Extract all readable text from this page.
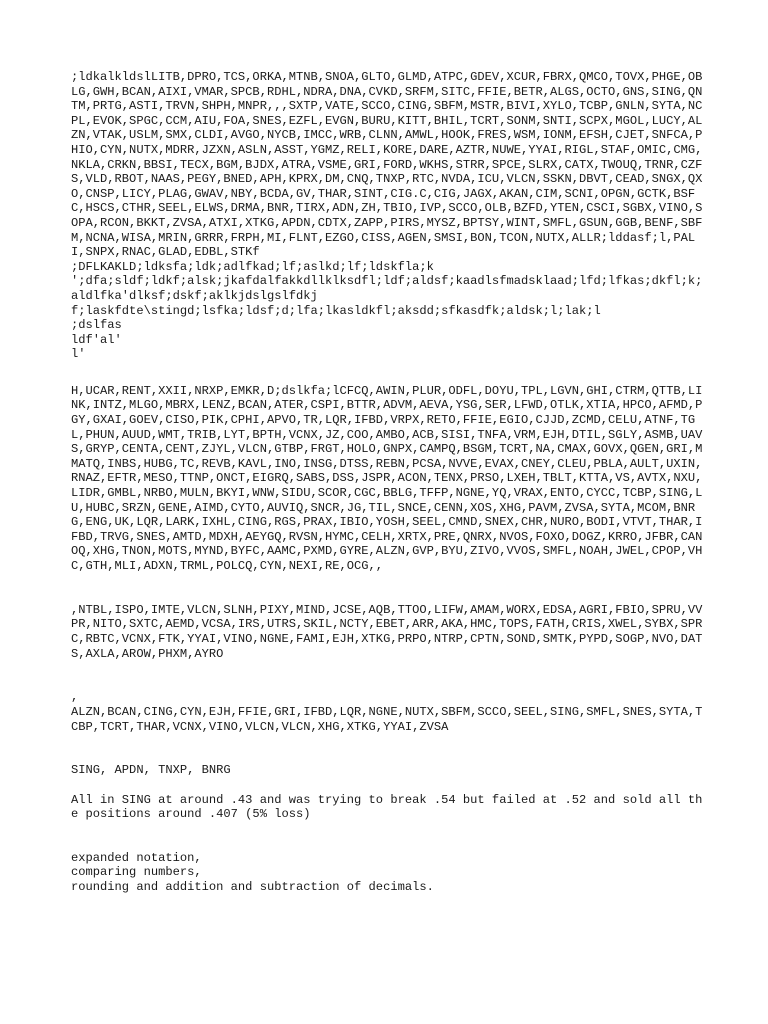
;ldkalkldslLITB,DPRO,TCS,ORKA,MTNB,SNOA,GLTO,GLMD,ATPC,GDEV,XCUR,FBRX,QMCO,TOVX,PHGE,OBLG,GWH,BCAN,AIXI,VMAR,SPCB,RDHL,NDRA,DNA,CVKD,SRFM,SITC,FFIE,BETR,ALGS,OCTO,GNS,SING,QNTM,PRTG,ASTI,TRVN,SHPH,MNPR,,,SXTP,VATE,SCCO,CING,SBFM,MSTR,BIVI,XYLO,TCBP,GNLN,SYTA,NCPL,EVOK,SPGC,CCM,AIU,FOA,SNES,EZFL,EVGN,BURU,KITT,BHIL,TCRT,SONM,SNTI,SCPX,MGOL,LUCY,ALZN,VTAK,USLM,SMX,CLDI,AVGO,NYCB,IMCC,WRB,CLNN,AMWL,HOOK,FRES,WSM,IONM,EFSH,CJET,SNFCA,PHIO,CYN,NUTX,MDRR,JZXN,ASLN,ASST,YGMZ,RELI,KORE,DARE,AZTR,NUWE,YYAI,RIGL,STAF,OMIC,CMG,NKLA,CRKN,BBSI,TECX,BGM,BJDX,ATRA,VSME,GRI,FORD,WKHS,STRR,SPCE,SLRX,CATX,TWOUQ,TRNR,CZFS,VLD,RBOT,NAAS,PEGY,BNED,APH,KPRX,DM,CNQ,TNXP,RTC,NVDA,ICU,VLCN,SSKN,DBVT,CEAD,SNGX,QXO,CNSP,LICY,PLAG,GWAV,NBY,BCDA,GV,THAR,SINT,CIG.C,CIG,JAGX,AKAN,CIM,SCNI,OPGN,GCTK,BSFC,HSCS,CTHR,SEEL,ELWS,DRMA,BNR,TIRX,ADN,ZH,TBIO,IVP,SCCO,OLB,BZFD,YTEN,CSCI,SGBX,VINO,SOPA,RCON,BKKT,ZVSA,ATXI,XTKG,APDN,CDTX,ZAPP,PIRS,MYSZ,BPTSY,WINT,SMFL,GSUN,GGB,BENF,SBFM,NCNA,WISA,MRIN,GRRR,FRPH,MI,FLNT,EZGO,CISS,AGEN,SMSI,BON,TCON,NUTX,ALLR;lddasf;l,PALI,SNPX,RNAC,GLAD,EDBL,STKf

;DFLKAKLD;ldksfa;ldk;adlfkad;lf;aslkd;lf;ldskfla;k

';dfa;sldf;ldkf;alsk;jkafdalfakkdllklksdfl;ldf;aldsf;kaadlsfmadsklaad;lfd;lfkas;dkfl;k;aldlfka'dlksf;dskf;aklkjdslgslfdkj

f;laskfdte\stingd;lsfka;ldsf;d;lfa;lkasldkfl;aksdd;sfkasdfk;aldsk;l;lak;l

;dslfas

ldf'al'

l'

H,UCAR,RENT,XXII,NRXP,EMKR,D;dslkfa;lCFCQ,AWIN,PLUR,ODFL,DOYU,TPL,LGVN,GHI,CTRM,QTTB,LINK,INTZ,MLGO,MBRX,LENZ,BCAN,ATER,CSPI,BTTR,ADVM,AEVA,YSG,SER,LFWD,OTLK,XTIA,HPCO,AFMD,PGY,GXAI,GOEV,CISO,PIK,CPHI,APVO,TR,LQR,IFBD,VRPX,RETO,FFIE,EGIO,CJJD,ZCMD,CELU,ATNF,TGL,PHUN,AUUD,WMT,TRIB,LYT,BPTH,VCNX,JZ,COO,AMBO,ACB,SISI,TNFA,VRM,EJH,DTIL,SGLY,ASMB,UAVS,GRYP,CENTA,CENT,ZJYL,VLCN,GTBP,FRGT,HOLO,GNPX,CAMPQ,BSGM,TCRT,NA,CMAX,GOVX,QGEN,GRI,MMATQ,INBS,HUBG,TC,REVB,KAVL,INO,INSG,DTSS,REBN,PCSA,NVVE,EVAX,CNEY,CLEU,PBLA,AULT,UXIN,RNAZ,EFTR,MESO,TTNP,ONCT,EIGRQ,SABS,DSS,JSPR,ACON,TENX,PRSO,LXEH,TBLT,KTTA,VS,AVTX,NXU,LIDR,GMBL,NRBO,MULN,BKYI,WNW,SIDU,SCOR,CGC,BBLG,TFFP,NGNE,YQ,VRAX,ENTO,CYCC,TCBP,SING,LU,HUBC,SRZN,GENE,AIMD,CYTO,AUVIQ,SNCR,JG,TIL,SNCE,CENN,XOS,XHG,PAVM,ZVSA,SYTA,MCOM,BNRG,ENG,UK,LQR,LARK,IXHL,CING,RGS,PRAX,IBIO,YOSH,SEEL,CMND,SNEX,CHR,NURO,BODI,VTVT,THAR,IFBD,TRVG,SNES,AMTD,MDXH,AEYGQ,RVSN,HYMC,CELH,XRTX,PRE,QNRX,NVOS,FOXO,DOGZ,KRRO,JFBR,CANOQ,XHG,TNON,MOTS,MYND,BYFC,AAMC,PXMD,GYRE,ALZN,GVP,BYU,ZIVO,VVOS,SMFL,NOAH,JWEL,CPOP,VHC,GTH,MLI,ADXN,TRML,POLCQ,CYN,NEXI,RE,OCG,,

,NTBL,ISPO,IMTE,VLCN,SLNH,PIXY,MIND,JCSE,AQB,TTOO,LIFW,AMAM,WORX,EDSA,AGRI,FBIO,SPRU,VVPR,NITO,SXTC,AEMD,VCSA,IRS,UTRS,SKIL,NCTY,EBET,ARR,AKA,HMC,TOPS,FATH,CRIS,XWEL,SYBX,SPRC,RBTC,VCNX,FTK,YYAI,VINO,NGNE,FAMI,EJH,XTKG,PRPO,NTRP,CPTN,SOND,SMTK,PYPD,SOGP,NVO,DATS,AXLA,AROW,PHXM,AYRO

,

ALZN,BCAN,CING,CYN,EJH,FFIE,GRI,IFBD,LQR,NGNE,NUTX,SBFM,SCCO,SEEL,SING,SMFL,SNES,SYTA,TCBP,TCRT,THAR,VCNX,VINO,VLCN,VLCN,XHG,XTKG,YYAI,ZVSA

SING, APDN, TNXP, BNRG

All in SING at around .43 and was trying to break .54 but failed at .52 and sold all the positions around .407 (5% loss)

expanded notation,

comparing numbers,

rounding and addition and subtraction of decimals.
